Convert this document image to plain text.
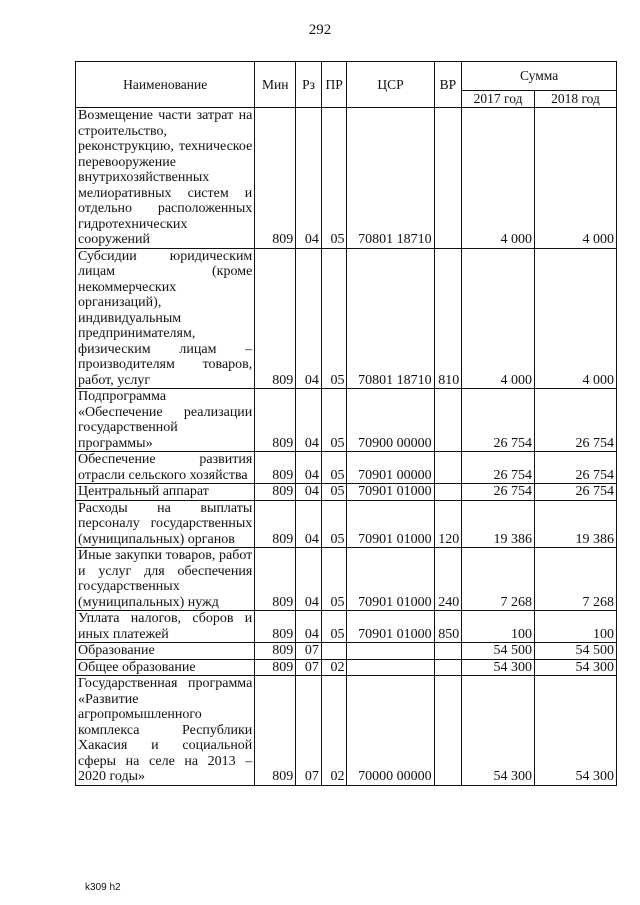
292
Наименование	Мин	Рз	ПР	ЦСР	ВР	Сумма	
						2017 год	2018 год
Возмещение части затрат на строительство, реконструкцию, техническое перевооружение внутрихозяйственных мелиоративных систем и отдельно расположенных гидротехнических сооружений	809	04	05	70801 18710		4 000	4 000
Субсидии юридическим лицам (кроме некоммерческих организаций), индивидуальным предпринимателям, физическим лицам – производителям товаров, работ, услуг	809	04	05	70801 18710	810	4 000	4 000
Подпрограмма «Обеспечение реализации государственной программы»	809	04	05	70900 00000		26 754	26 754
Обеспечение развития отрасли сельского хозяйства	809	04	05	70901 00000		26 754	26 754
Центральный аппарат	809	04	05	70901 01000		26 754	26 754
Расходы на выплаты персоналу государственных (муниципальных) органов	809	04	05	70901 01000	120	19 386	19 386
Иные закупки товаров, работ и услуг для обеспечения государственных (муниципальных) нужд	809	04	05	70901 01000	240	7 268	7 268
Уплата налогов, сборов и иных платежей	809	04	05	70901 01000	850	100	100
Образование	809	07				54 500	54 500
Общее образование	809	07	02			54 300	54 300
Государственная программа «Развитие агропромышленного комплекса Республики Хакасия и социальной сферы на селе на 2013 – 2020 годы»	809	07	02	70000 00000		54 300	54 300
k309 h2
